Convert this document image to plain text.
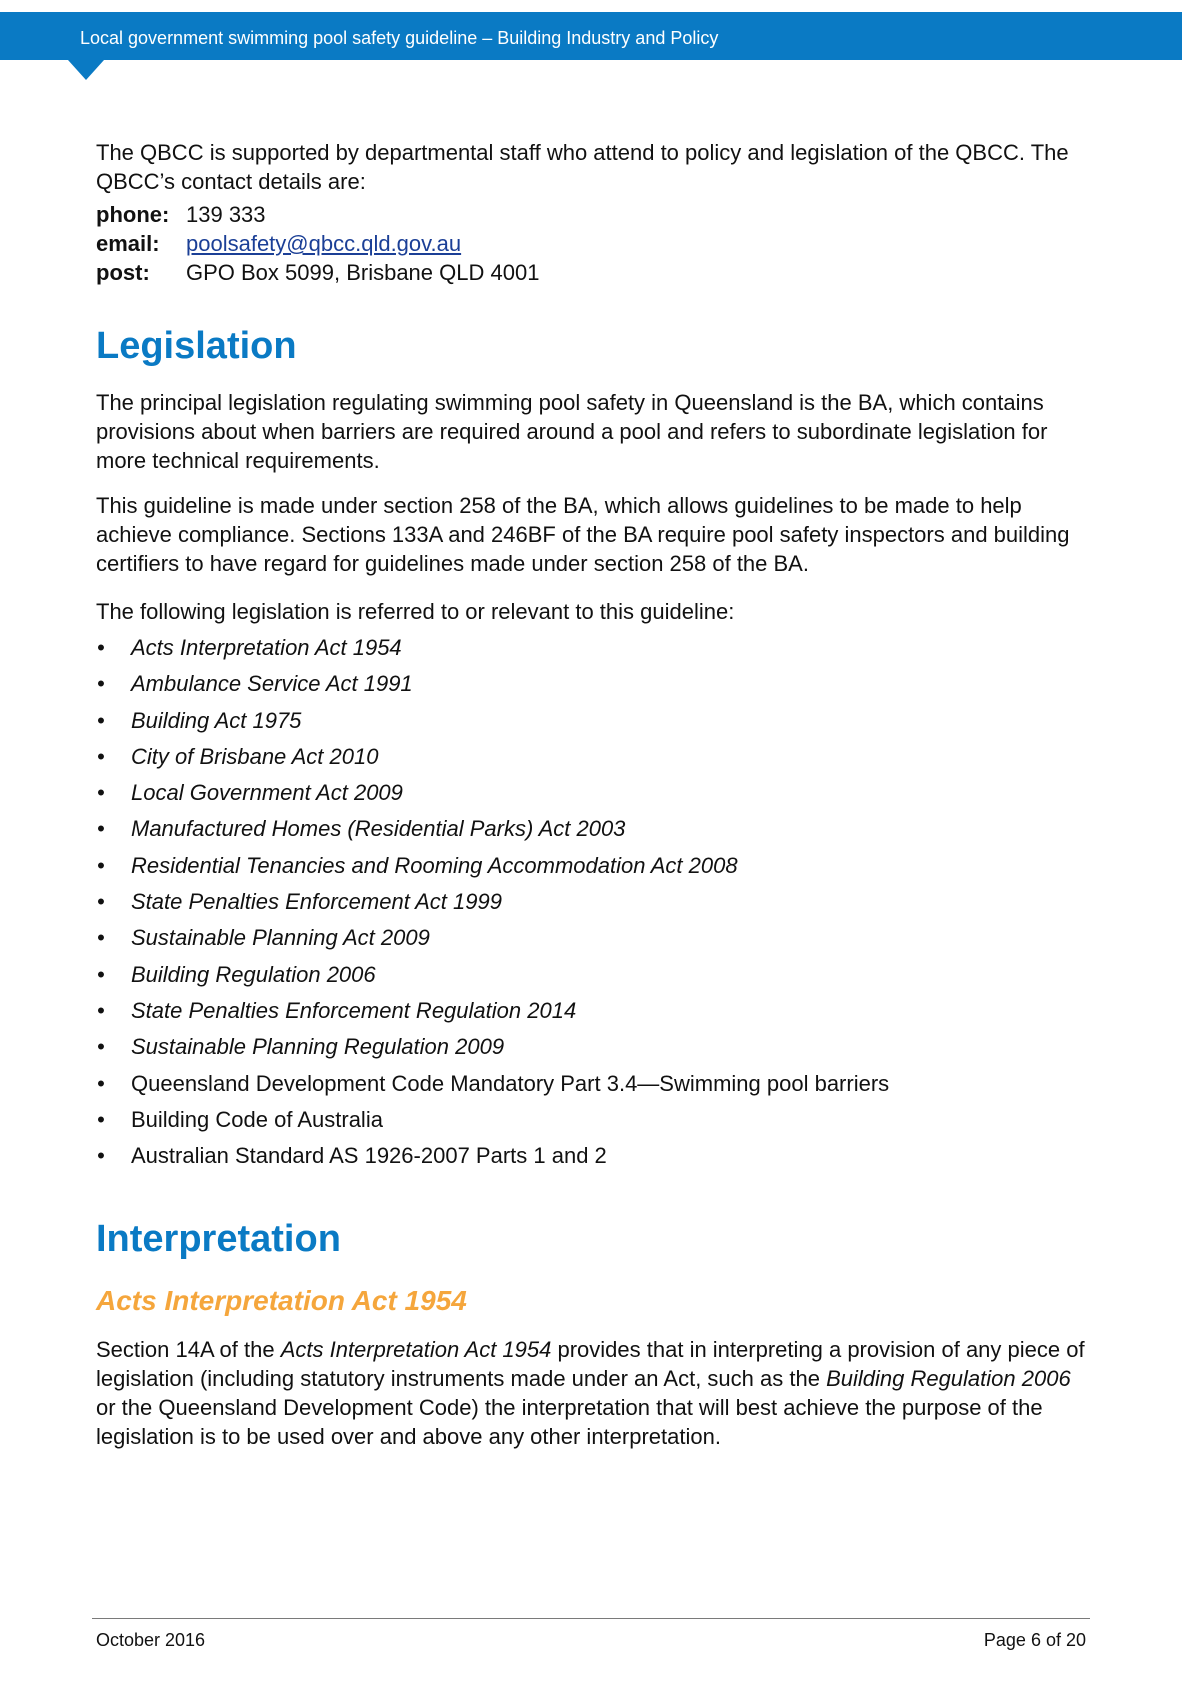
Local government swimming pool safety guideline – Building Industry and Policy

The QBCC is supported by departmental staff who attend to policy and legislation of the QBCC. The QBCC’s contact details are:

phone: 139 333
email:	poolsafety@qbcc.qld.gov.au
post:	GPO Box 5099, Brisbane QLD 4001
Legislation

The principal legislation regulating swimming pool safety in Queensland is the BA, which contains provisions about when barriers are required around a pool and refers to subordinate legislation for more technical requirements.

This guideline is made under section 258 of the BA, which allows guidelines to be made to help achieve compliance. Sections 133A and 246BF of the BA require pool safety inspectors and building certifiers to have regard for guidelines made under section 258 of the BA.

The following legislation is referred to or relevant to this guideline:

• Acts Interpretation Act 1954
• Ambulance Service Act 1991
• Building Act 1975
• City of Brisbane Act 2010
• Local Government Act 2009
• Manufactured Homes (Residential Parks) Act 2003
• Residential Tenancies and Rooming Accommodation Act 2008
• State Penalties Enforcement Act 1999
• Sustainable Planning Act 2009
• Building Regulation 2006
• State Penalties Enforcement Regulation 2014
• Sustainable Planning Regulation 2009
• Queensland Development Code Mandatory Part 3.4—Swimming pool barriers
• Building Code of Australia
• Australian Standard AS 1926-2007 Parts 1 and 2
Interpretation
Acts Interpretation Act 1954

Section 14A of the Acts Interpretation Act 1954 provides that in interpreting a provision of any piece of legislation (including statutory instruments made under an Act, such as the Building Regulation 2006 or the Queensland Development Code) the interpretation that will best achieve the purpose of the legislation is to be used over and above any other interpretation.

October 2016	Page 6 of 20
